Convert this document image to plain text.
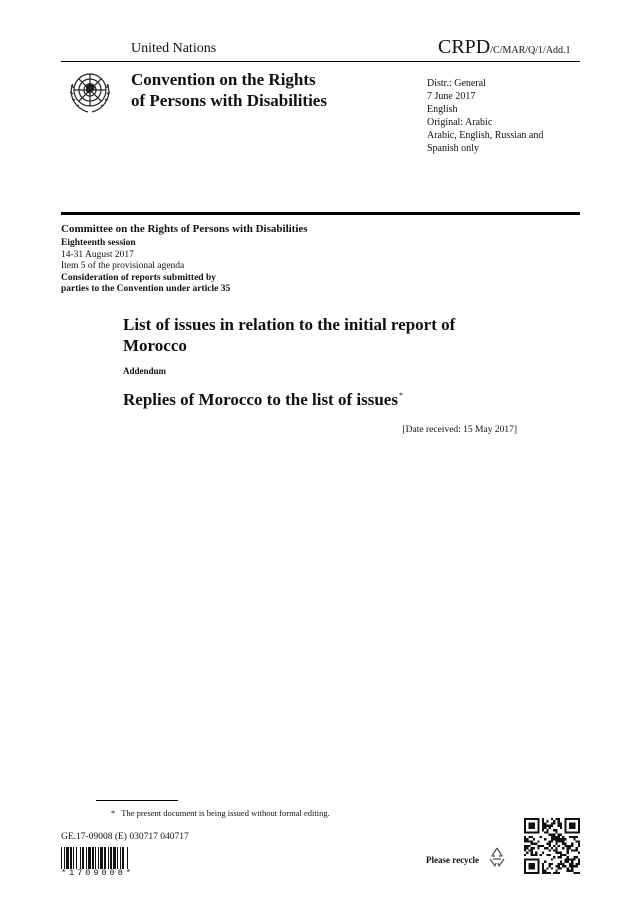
United Nations	CRPD/C/MAR/Q/1/Add.1
Convention on the Rights
of Persons with Disabilities
Distr.: General
7 June 2017
English
Original: Arabic
Arabic, English, Russian and
Spanish only
Committee on the Rights of Persons with Disabilities
Eighteenth session
14-31 August 2017
Item 5 of the provisional agenda
Consideration of reports submitted by
parties to the Convention under article 35
List of issues in relation to the initial report of
Morocco
Addendum
Replies of Morocco to the list of issues*
[Date received: 15 May 2017]
* The present document is being issued without formal editing.
GE.17-09008 (E) 030717 040717
*1709008*
Please recycle
